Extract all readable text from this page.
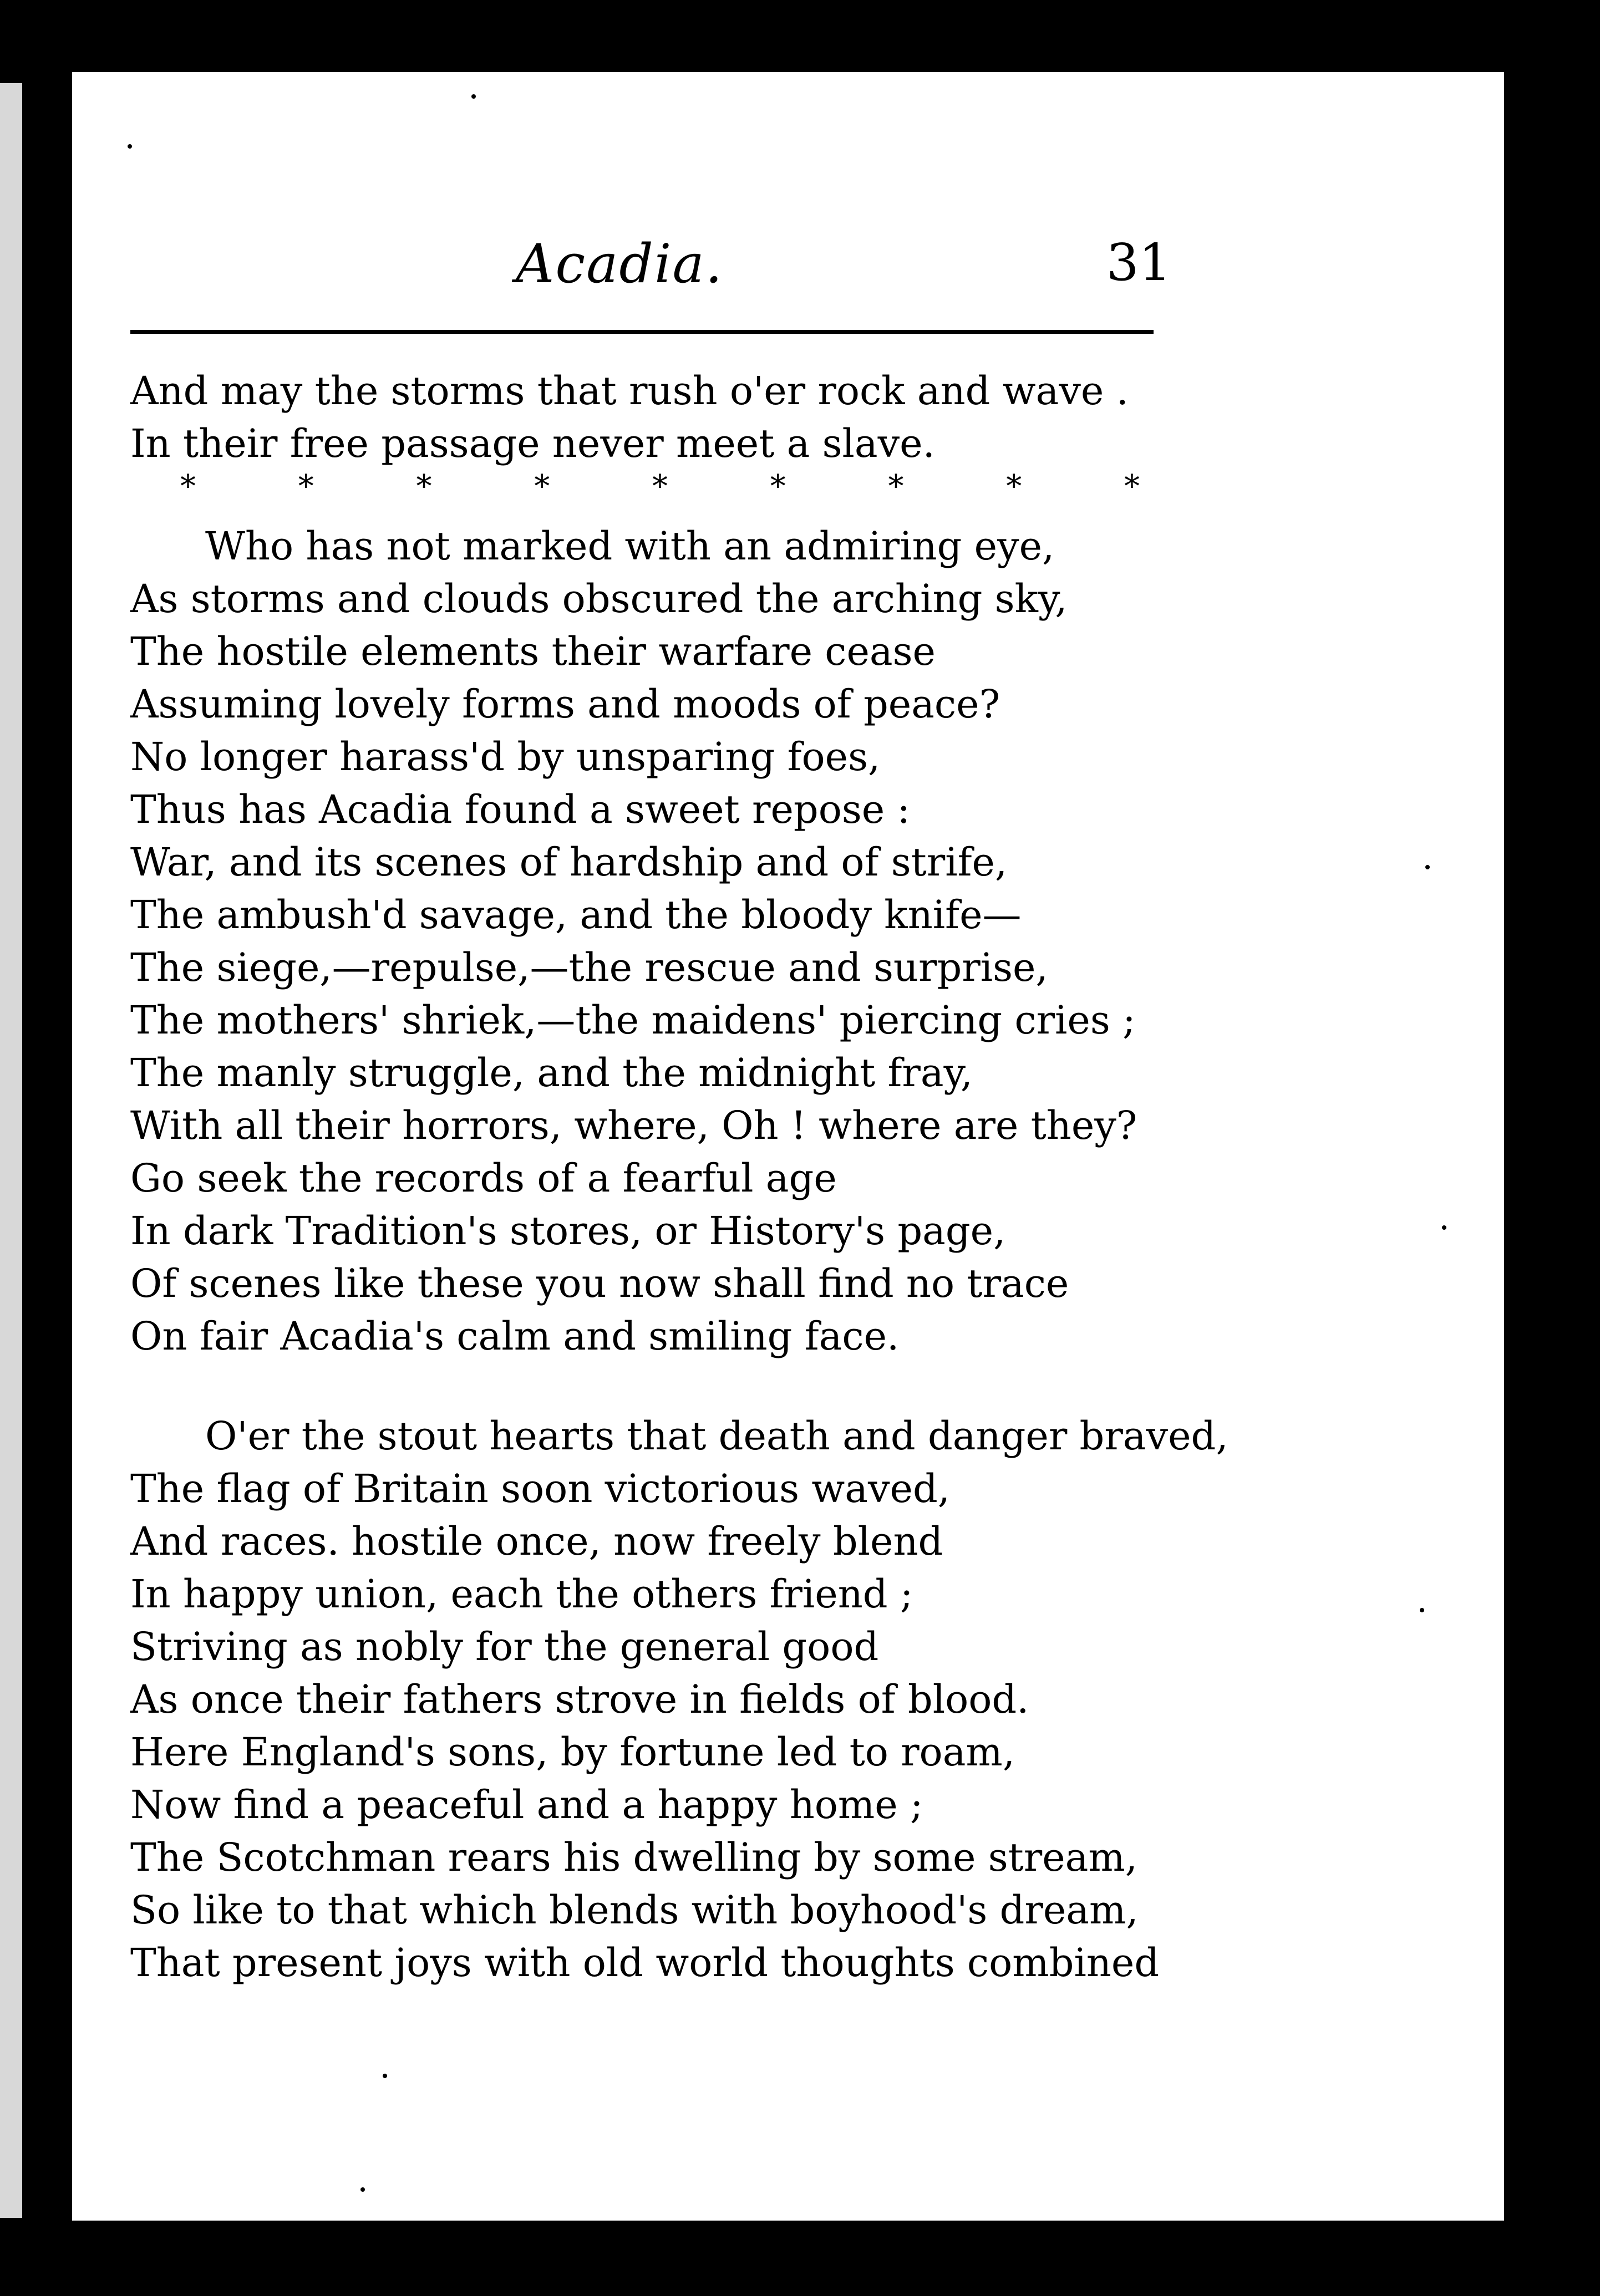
Acadia.	31
And may the storms that rush o'er rock and wave .
In their free passage never meet a slave.
*	*	*	*	*	*	*	*	*
Who has not marked with an admiring eye,
As storms and clouds obscured the arching sky,
The hostile elements their warfare cease
Assuming lovely forms and moods of peace?
No longer harass'd by unsparing foes,
Thus has Acadia found a sweet repose :
War, and its scenes of hardship and of strife,
The ambush'd savage, and the bloody knife—
The siege,—repulse,—the rescue and surprise,
The mothers' shriek,—the maidens' piercing cries ;
The manly struggle, and the midnight fray,
With all their horrors, where, Oh ! where are they?
Go seek the records of a fearful age
In dark Tradition's stores, or History's page,
Of scenes like these you now shall find no trace
On fair Acadia's calm and smiling face.
O'er the stout hearts that death and danger braved,
The flag of Britain soon victorious waved,
And races. hostile once, now freely blend
In happy union, each the others friend ;
Striving as nobly for the general good
As once their fathers strove in fields of blood.
Here England's sons, by fortune led to roam,
Now find a peaceful and a happy home ;
The Scotchman rears his dwelling by some stream,
So like to that which blends with boyhood's dream,
That present joys with old world thoughts combined
